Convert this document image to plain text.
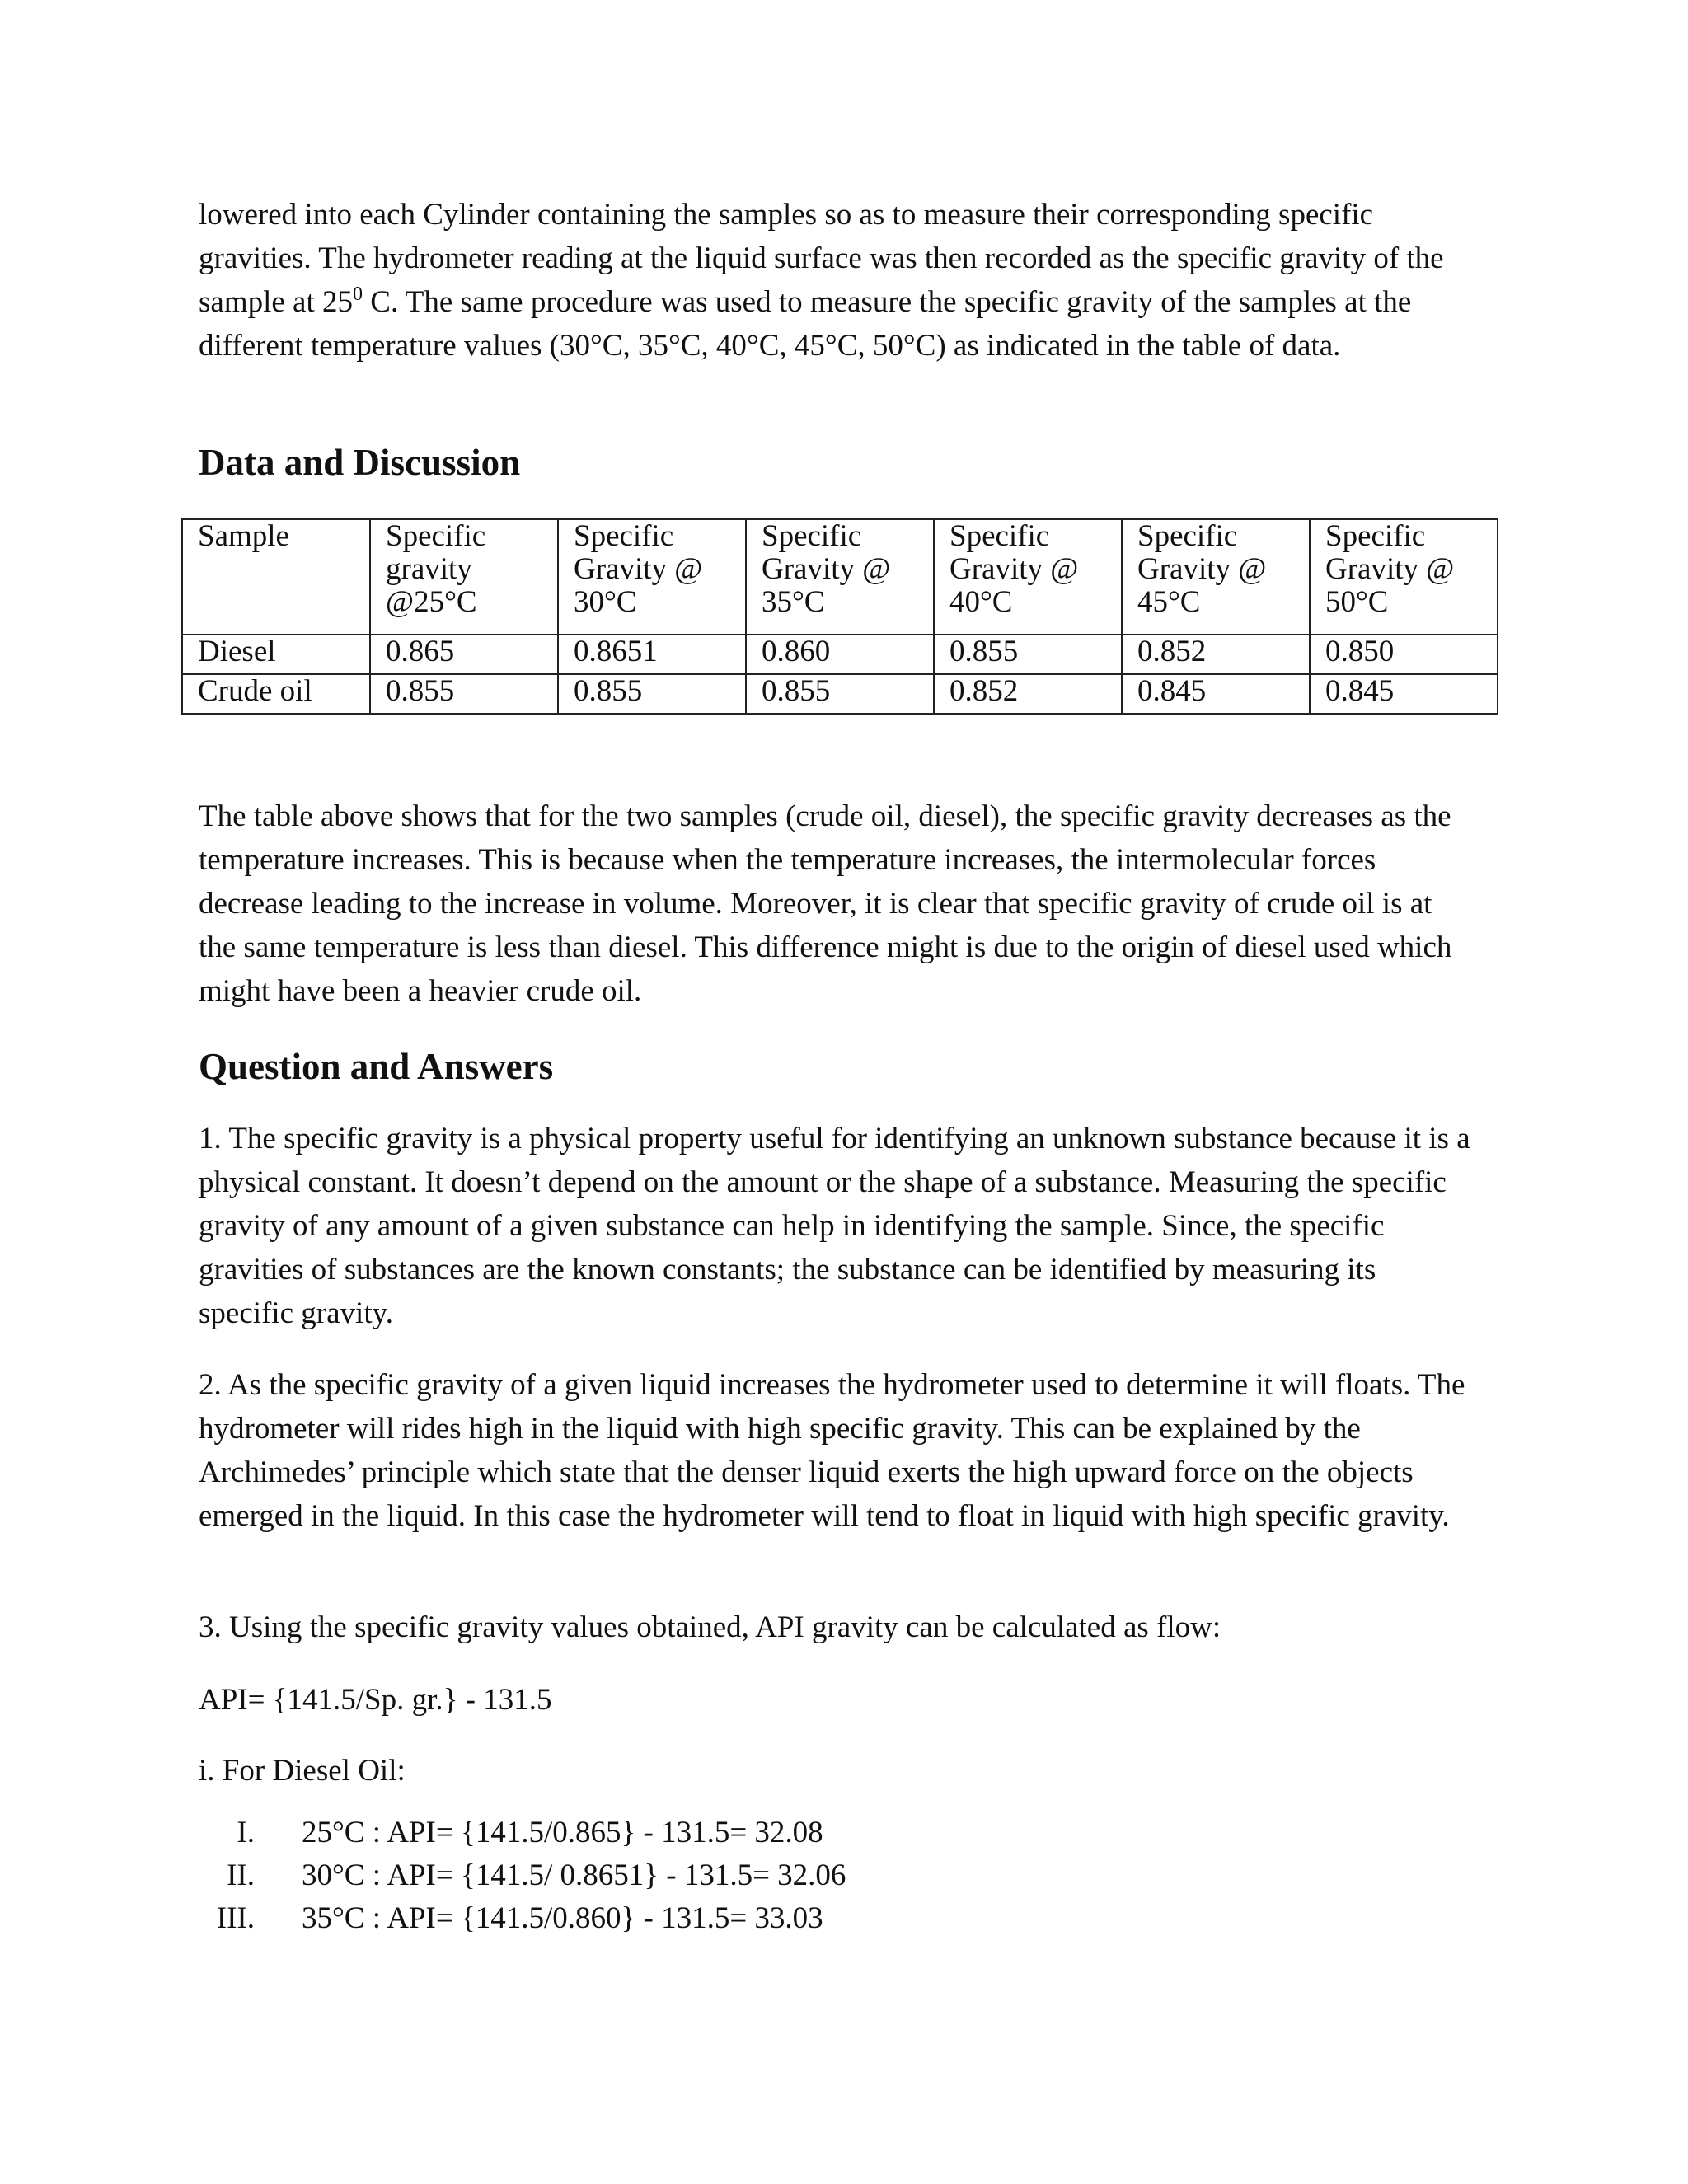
lowered into each Cylinder containing the samples so as to measure their corresponding specific gravities. The hydrometer reading at the liquid surface was then recorded as the specific gravity of the sample at $25^0$ C. The same procedure was used to measure the specific gravity of the samples at the different temperature values (30°C, 35°C, 40°C, 45°C, 50°C) as indicated in the table of data.

Data and Discussion
Sample	Specific gravity @25°C	Specific Gravity @ 30°C	Specific Gravity @ 35°C	Specific Gravity @ 40°C	Specific Gravity @ 45°C	Specific Gravity @ 50°C
Diesel	0.865	0.8651	0.860	0.855	0.852	0.850
Crude oil	0.855	0.855	0.855	0.852	0.845	0.845

The table above shows that for the two samples (crude oil, diesel), the specific gravity decreases as the temperature increases. This is because when the temperature increases, the intermolecular forces decrease leading to the increase in volume. Moreover, it is clear that specific gravity of crude oil is at the same temperature is less than diesel. This difference might is due to the origin of diesel used which might have been a heavier crude oil.

Question and Answers

1. The specific gravity is a physical property useful for identifying an unknown substance because it is a physical constant. It doesn’t depend on the amount or the shape of a substance. Measuring the specific gravity of any amount of a given substance can help in identifying the sample. Since, the specific gravities of substances are the known constants; the substance can be identified by measuring its specific gravity.

2. As the specific gravity of a given liquid increases the hydrometer used to determine it will floats. The hydrometer will rides high in the liquid with high specific gravity. This can be explained by the Archimedes’ principle which state that the denser liquid exerts the high upward force on the objects emerged in the liquid. In this case the hydrometer will tend to float in liquid with high specific gravity.

3. Using the specific gravity values obtained, API gravity can be calculated as flow:

API= {141.5/Sp. gr.} - 131.5

i. For Diesel Oil:

I. 25°C : API= {141.5/0.865} - 131.5= 32.08
II. 30°C : API= {141.5/ 0.8651} - 131.5= 32.06
III. 35°C : API= {141.5/0.860} - 131.5= 33.03
